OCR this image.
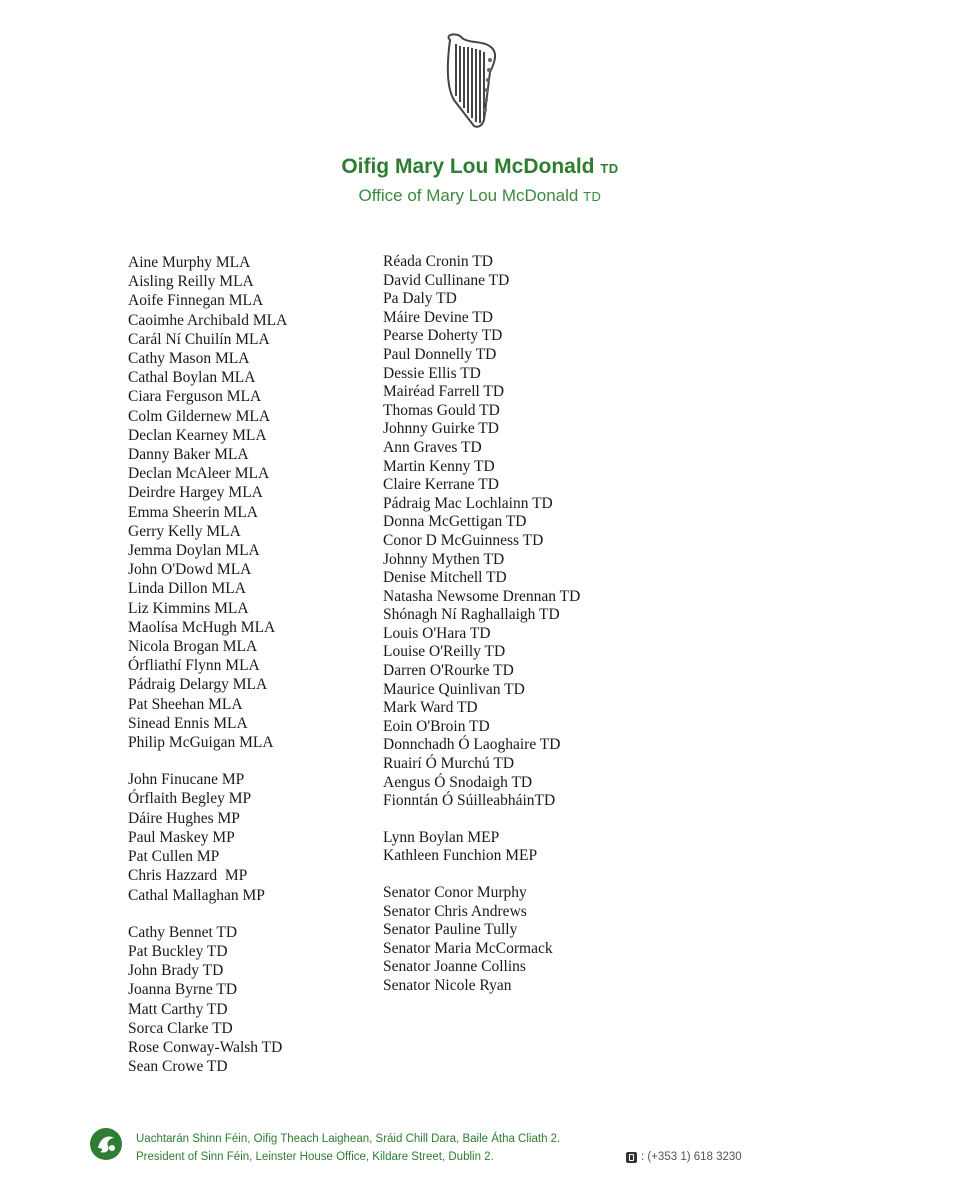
Oifig Mary Lou McDonald TD
Office of Mary Lou McDonald TD
Aine Murphy MLA
Aisling Reilly MLA
Aoife Finnegan MLA
Caoimhe Archibald MLA
Carál Ní Chuilín MLA
Cathy Mason MLA
Cathal Boylan MLA
Ciara Ferguson MLA
Colm Gildernew MLA
Declan Kearney MLA
Danny Baker MLA
Declan McAleer MLA
Deirdre Hargey MLA
Emma Sheerin MLA
Gerry Kelly MLA
Jemma Doylan MLA
John O'Dowd MLA
Linda Dillon MLA
Liz Kimmins MLA
Maolísa McHugh MLA
Nicola Brogan MLA
Órfliathí Flynn MLA
Pádraig Delargy MLA
Pat Sheehan MLA
Sinead Ennis MLA
Philip McGuigan MLA
John Finucane MP
Órflaith Begley MP
Dáire Hughes MP
Paul Maskey MP
Pat Cullen MP
Chris Hazzard  MP
Cathal Mallaghan MP
Cathy Bennet TD
Pat Buckley TD
John Brady TD
Joanna Byrne TD
Matt Carthy TD
Sorca Clarke TD
Rose Conway-Walsh TD
Sean Crowe TD
Réada Cronin TD
David Cullinane TD
Pa Daly TD
Máire Devine TD
Pearse Doherty TD
Paul Donnelly TD
Dessie Ellis TD
Mairéad Farrell TD
Thomas Gould TD
Johnny Guirke TD
Ann Graves TD
Martin Kenny TD
Claire Kerrane TD
Pádraig Mac Lochlainn TD
Donna McGettigan TD
Conor D McGuinness TD
Johnny Mythen TD
Denise Mitchell TD
Natasha Newsome Drennan TD
Shónagh Ní Raghallaigh TD
Louis O'Hara TD
Louise O'Reilly TD
Darren O'Rourke TD
Maurice Quinlivan TD
Mark Ward TD
Eoin O'Broin TD
Donnchadh Ó Laoghaire TD
Ruairí Ó Murchú TD
Aengus Ó Snodaigh TD
Fionntán Ó SúilleabháinTD
Lynn Boylan MEP
Kathleen Funchion MEP
Senator Conor Murphy
Senator Chris Andrews
Senator Pauline Tully
Senator Maria McCormack
Senator Joanne Collins
Senator Nicole Ryan
Uachtarán Shinn Féin, Oifig Theach Laighean, Sráid Chill Dara, Baile Átha Cliath 2.
President of Sinn Féin, Leinster House Office, Kildare Street, Dublin 2.	: (+353 1) 618 3230
